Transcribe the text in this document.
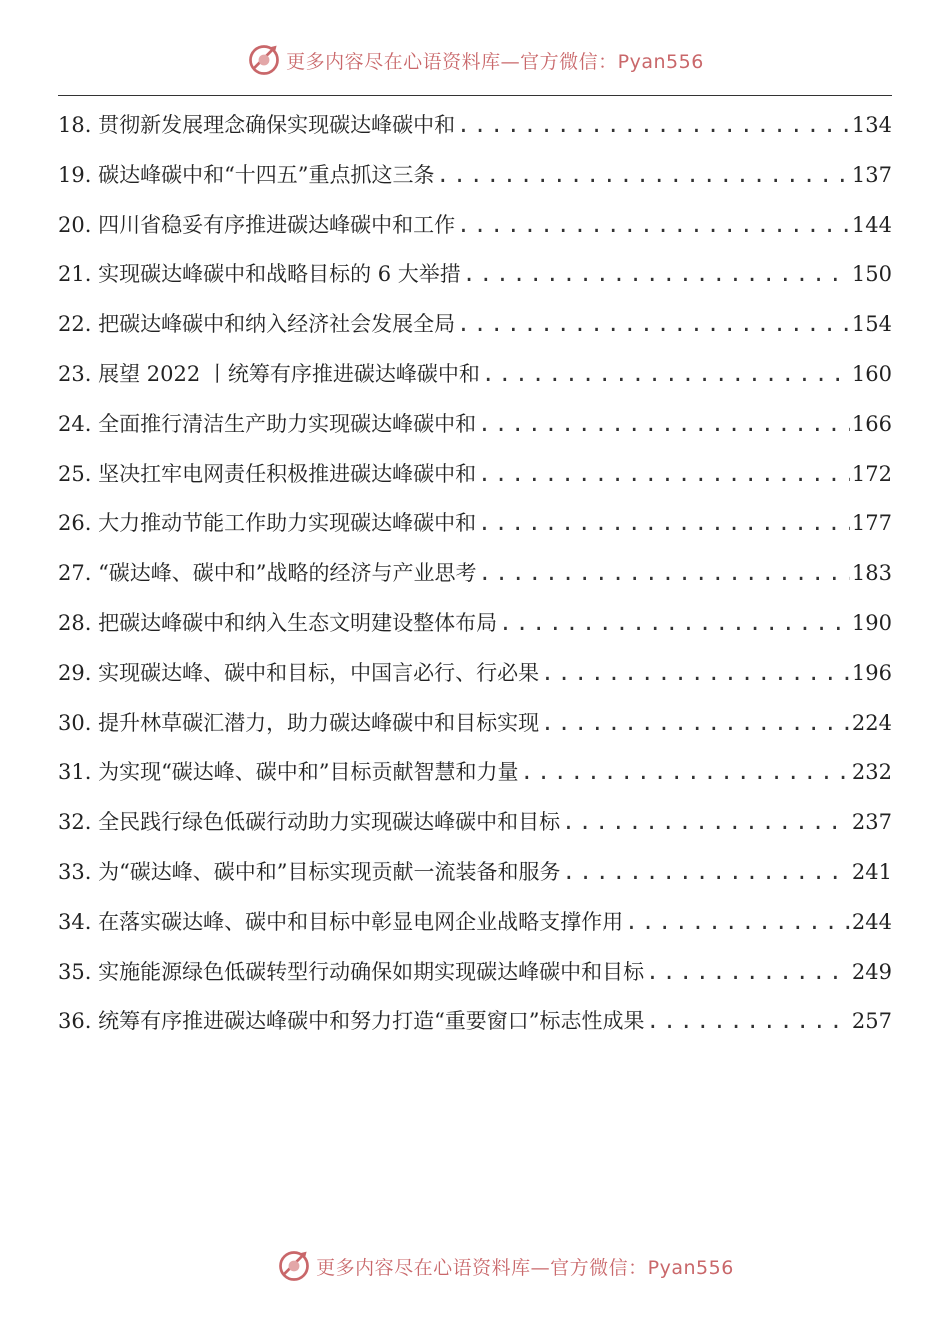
更多内容尽在心语资料库—官方微信：Pyan556
18. 贯彻新发展理念确保实现碳达峰碳中和 .....	134
19. 碳达峰碳中和“十四五”重点抓这三条 .....	137
20. 四川省稳妥有序推进碳达峰碳中和工作 .....	144
21. 实现碳达峰碳中和战略目标的 6 大举措 .....	150
22. 把碳达峰碳中和纳入经济社会发展全局 .....	154
23. 展望 2022 丨统筹有序推进碳达峰碳中和 .....	160
24. 全面推行清洁生产助力实现碳达峰碳中和 .....	166
25. 坚决扛牢电网责任积极推进碳达峰碳中和 .....	172
26. 大力推动节能工作助力实现碳达峰碳中和 .....	177
27. “碳达峰、碳中和”战略的经济与产业思考 .....	183
28. 把碳达峰碳中和纳入生态文明建设整体布局 .....	190
29. 实现碳达峰、碳中和目标，中国言必行、行必果 .....	196
30. 提升林草碳汇潜力，助力碳达峰碳中和目标实现 .....	224
31. 为实现“碳达峰、碳中和”目标贡献智慧和力量 .....	232
32. 全民践行绿色低碳行动助力实现碳达峰碳中和目标 .....	237
33. 为“碳达峰、碳中和”目标实现贡献一流装备和服务 .....	241
34. 在落实碳达峰、碳中和目标中彰显电网企业战略支撑作用 .....	244
35. 实施能源绿色低碳转型行动确保如期实现碳达峰碳中和目标 .....	249
36. 统筹有序推进碳达峰碳中和努力打造“重要窗口”标志性成果 .....	257
更多内容尽在心语资料库—官方微信：Pyan556
